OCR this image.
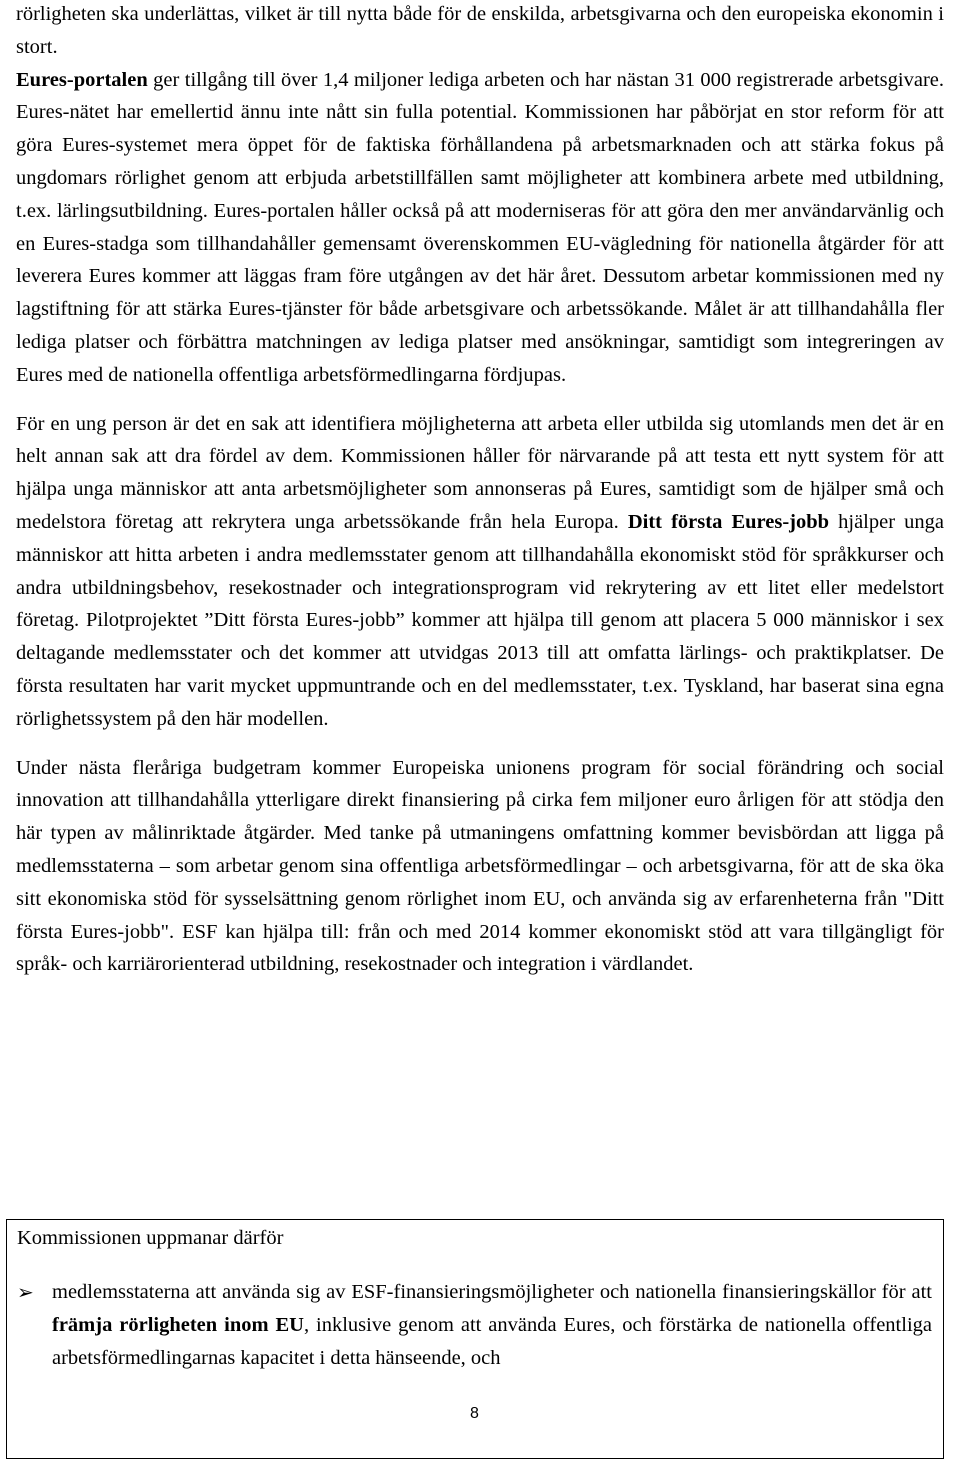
rörligheten ska underlättas, vilket är till nytta både för de enskilda, arbetsgivarna och den europeiska ekonomin i stort.

Eures-portalen ger tillgång till över 1,4 miljoner lediga arbeten och har nästan 31 000 registrerade arbetsgivare. Eures-nätet har emellertid ännu inte nått sin fulla potential. Kommissionen har påbörjat en stor reform för att göra Eures-systemet mera öppet för de faktiska förhållandena på arbetsmarknaden och att stärka fokus på ungdomars rörlighet genom att erbjuda arbetstillfällen samt möjligheter att kombinera arbete med utbildning, t.ex. lärlingsutbildning. Eures-portalen håller också på att moderniseras för att göra den mer användarvänlig och en Eures-stadga som tillhandahåller gemensamt överenskommen EU-vägledning för nationella åtgärder för att leverera Eures kommer att läggas fram före utgången av det här året. Dessutom arbetar kommissionen med ny lagstiftning för att stärka Eures-tjänster för både arbetsgivare och arbetssökande. Målet är att tillhandahålla fler lediga platser och förbättra matchningen av lediga platser med ansökningar, samtidigt som integreringen av Eures med de nationella offentliga arbetsförmedlingarna fördjupas.

För en ung person är det en sak att identifiera möjligheterna att arbeta eller utbilda sig utomlands men det är en helt annan sak att dra fördel av dem. Kommissionen håller för närvarande på att testa ett nytt system för att hjälpa unga människor att anta arbetsmöjligheter som annonseras på Eures, samtidigt som de hjälper små och medelstora företag att rekrytera unga arbetssökande från hela Europa. Ditt första Eures-jobb hjälper unga människor att hitta arbeten i andra medlemsstater genom att tillhandahålla ekonomiskt stöd för språkkurser och andra utbildningsbehov, resekostnader och integrationsprogram vid rekrytering av ett litet eller medelstort företag. Pilotprojektet ”Ditt första Eures-jobb” kommer att hjälpa till genom att placera 5 000 människor i sex deltagande medlemsstater och det kommer att utvidgas 2013 till att omfatta lärlings- och praktikplatser. De första resultaten har varit mycket uppmuntrande och en del medlemsstater, t.ex. Tyskland, har baserat sina egna rörlighetssystem på den här modellen.

Under nästa fleråriga budgetram kommer Europeiska unionens program för social förändring och social innovation att tillhandahålla ytterligare direkt finansiering på cirka fem miljoner euro årligen för att stödja den här typen av målinriktade åtgärder. Med tanke på utmaningens omfattning kommer bevisbördan att ligga på medlemsstaterna – som arbetar genom sina offentliga arbetsförmedlingar – och arbetsgivarna, för att de ska öka sitt ekonomiska stöd för sysselsättning genom rörlighet inom EU, och använda sig av erfarenheterna från "Ditt första Eures-jobb". ESF kan hjälpa till: från och med 2014 kommer ekonomiskt stöd att vara tillgängligt för språk- och karriärorienterad utbildning, resekostnader och integration i värdlandet.

Kommissionen uppmanar därför
➢ medlemsstaterna att använda sig av ESF-finansieringsmöjligheter och nationella finansieringskällor för att främja rörligheten inom EU, inklusive genom att använda Eures, och förstärka de nationella offentliga arbetsförmedlingarnas kapacitet i detta hänseende, och
8
